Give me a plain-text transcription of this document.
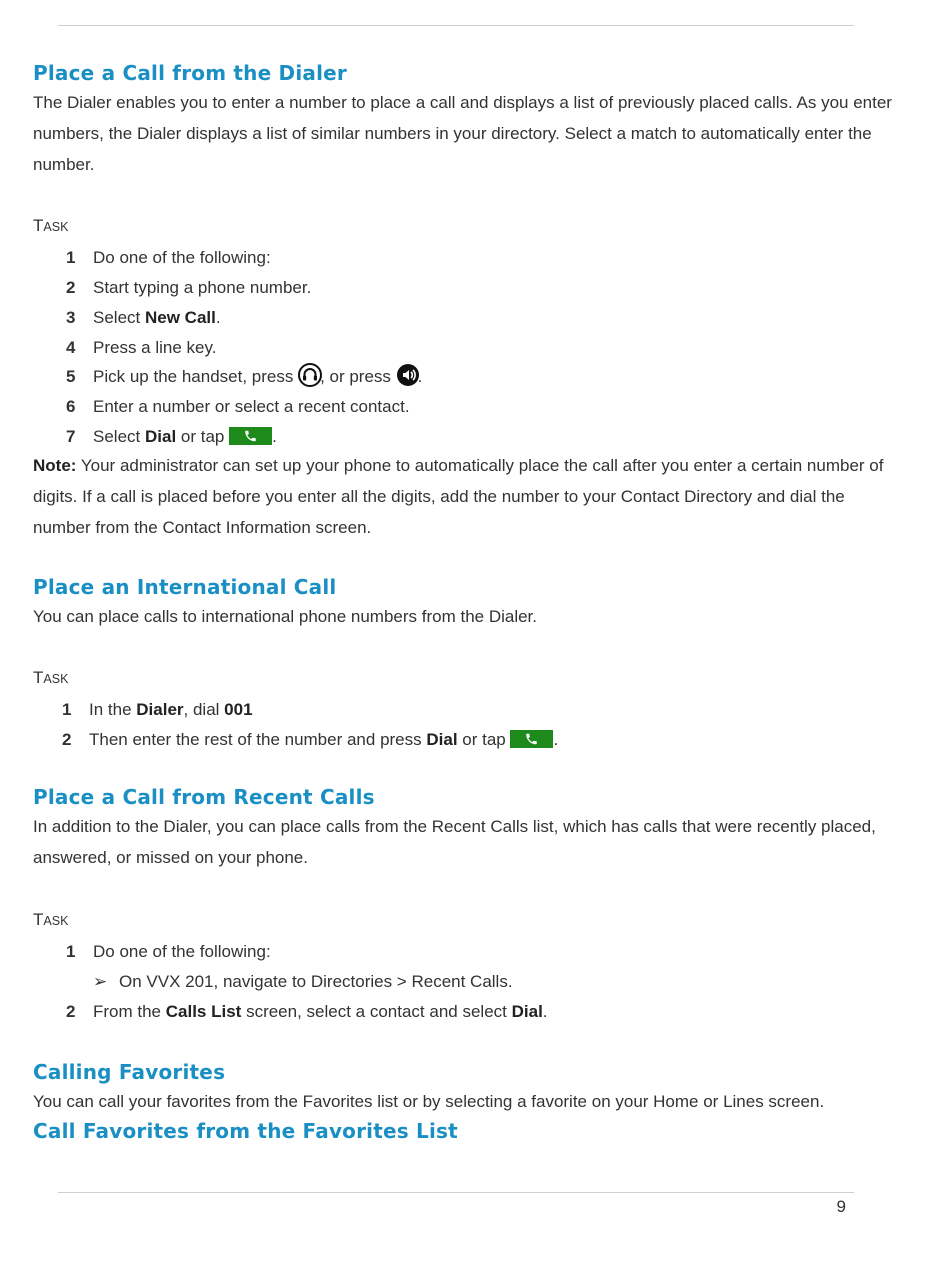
Place a Call from the Dialer

The Dialer enables you to enter a number to place a call and displays a list of previously placed calls. As you enter numbers, the Dialer displays a list of similar numbers in your directory. Select a match to automatically enter the number.

TASK
1 Do one of the following:
2 Start typing a phone number.
3 Select New Call.
4 Press a line key.
5 Pick up the handset, press , or press .
6 Enter a number or select a recent contact.
7 Select Dial or tap	.

Note: Your administrator can set up your phone to automatically place the call after you enter a certain number of digits. If a call is placed before you enter all the digits, add the number to your Contact Directory and dial the number from the Contact Information screen.

Place an International Call

You can place calls to international phone numbers from the Dialer.

TASK
1 In the Dialer, dial 001
2 Then enter the rest of the number and press Dial or tap	.
Place a Call from Recent Calls

In addition to the Dialer, you can place calls from the Recent Calls list, which has calls that were recently placed, answered, or missed on your phone.

TASK
1 Do one of the following:
➢ On VVX 201, navigate to Directories > Recent Calls.
2 From the Calls List screen, select a contact and select Dial.
Calling Favorites

You can call your favorites from the Favorites list or by selecting a favorite on your Home or Lines screen.

Call Favorites from the Favorites List
9
